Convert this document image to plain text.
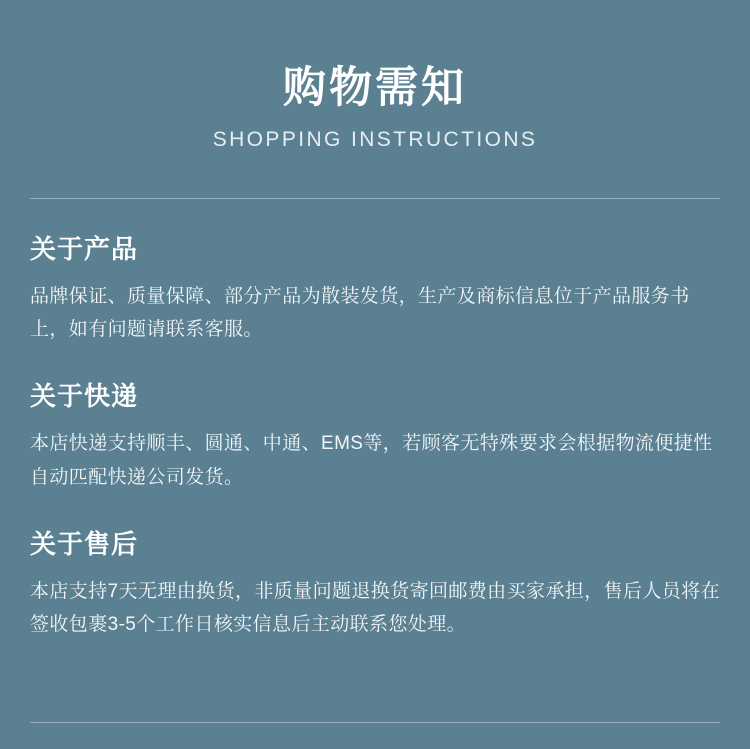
购物需知
SHOPPING INSTRUCTIONS
关于产品

品牌保证、质量保障、部分产品为散装发货，生产及商标信息位于产品服务书上，如有问题请联系客服。

关于快递

本店快递支持顺丰、圆通、中通、EMS等，若顾客无特殊要求会根据物流便捷性自动匹配快递公司发货。

关于售后

本店支持7天无理由换货，非质量问题退换货寄回邮费由买家承担，售后人员将在签收包裹3-5个工作日核实信息后主动联系您处理。
